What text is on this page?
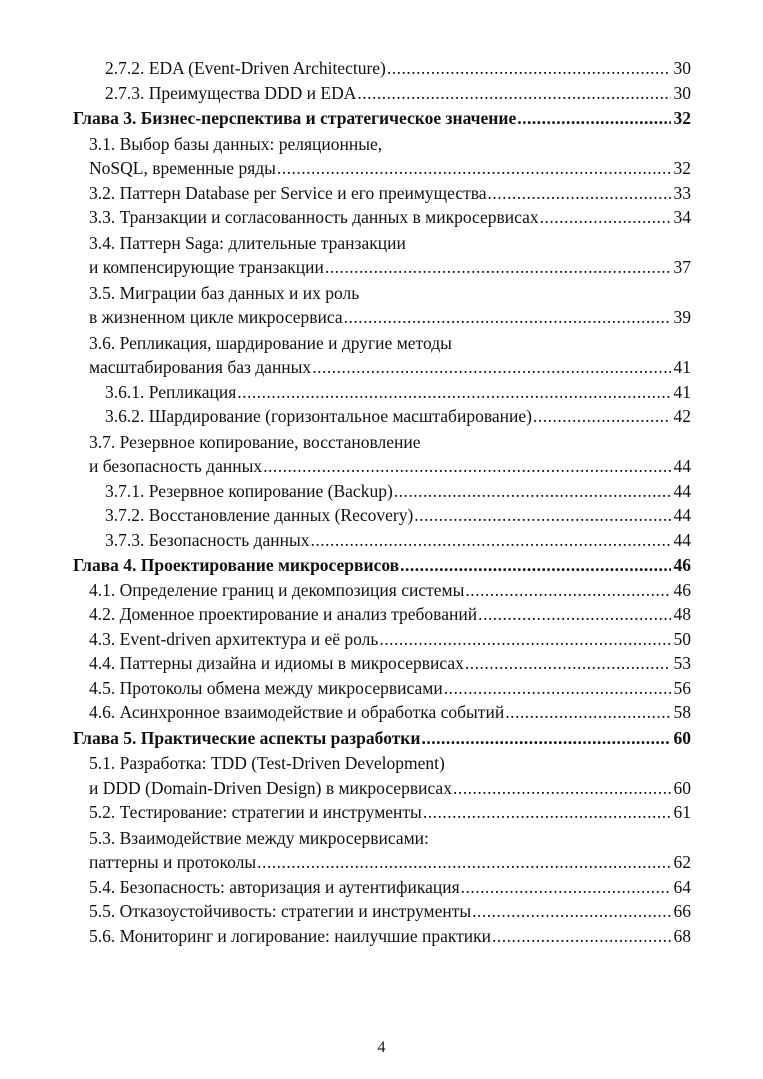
2.7.2. EDA (Event-Driven Architecture) .....	30
2.7.3. Преимущества DDD и EDA .....	30
Глава 3. Бизнес-перспектива и стратегическое значение .....	32
3.1. Выбор базы данных: реляционные,
NoSQL, временные ряды .....	32
3.2. Паттерн Database per Service и его преимущества .....	33
3.3. Транзакции и согласованность данных в микросервисах .....	34
3.4. Паттерн Saga: длительные транзакции
и компенсирующие транзакции .....	37
3.5. Миграции баз данных и их роль
в жизненном цикле микросервиса .....	39
3.6. Репликация, шардирование и другие методы
масштабирования баз данных .....	41
3.6.1. Репликация .....	41
3.6.2. Шардирование (горизонтальное масштабирование) .....	42
3.7. Резервное копирование, восстановление
и безопасность данных .....	44
3.7.1. Резервное копирование (Backup) .....	44
3.7.2. Восстановление данных (Recovery) .....	44
3.7.3. Безопасность данных .....	44
Глава 4. Проектирование микросервисов .....	46
4.1. Определение границ и декомпозиция системы .....	46
4.2. Доменное проектирование и анализ требований .....	48
4.3. Event-driven архитектура и её роль .....	50
4.4. Паттерны дизайна и идиомы в микросервисах .....	53
4.5. Протоколы обмена между микросервисами .....	56
4.6. Асинхронное взаимодействие и обработка событий .....	58
Глава 5. Практические аспекты разработки .....	60
5.1. Разработка: TDD (Test-Driven Development)
и DDD (Domain-Driven Design) в микросервисах .....	60
5.2. Тестирование: стратегии и инструменты .....	61
5.3. Взаимодействие между микросервисами:
паттерны и протоколы .....	62
5.4. Безопасность: авторизация и аутентификация .....	64
5.5. Отказоустойчивость: стратегии и инструменты .....	66
5.6. Мониторинг и логирование: наилучшие практики .....	68
4
